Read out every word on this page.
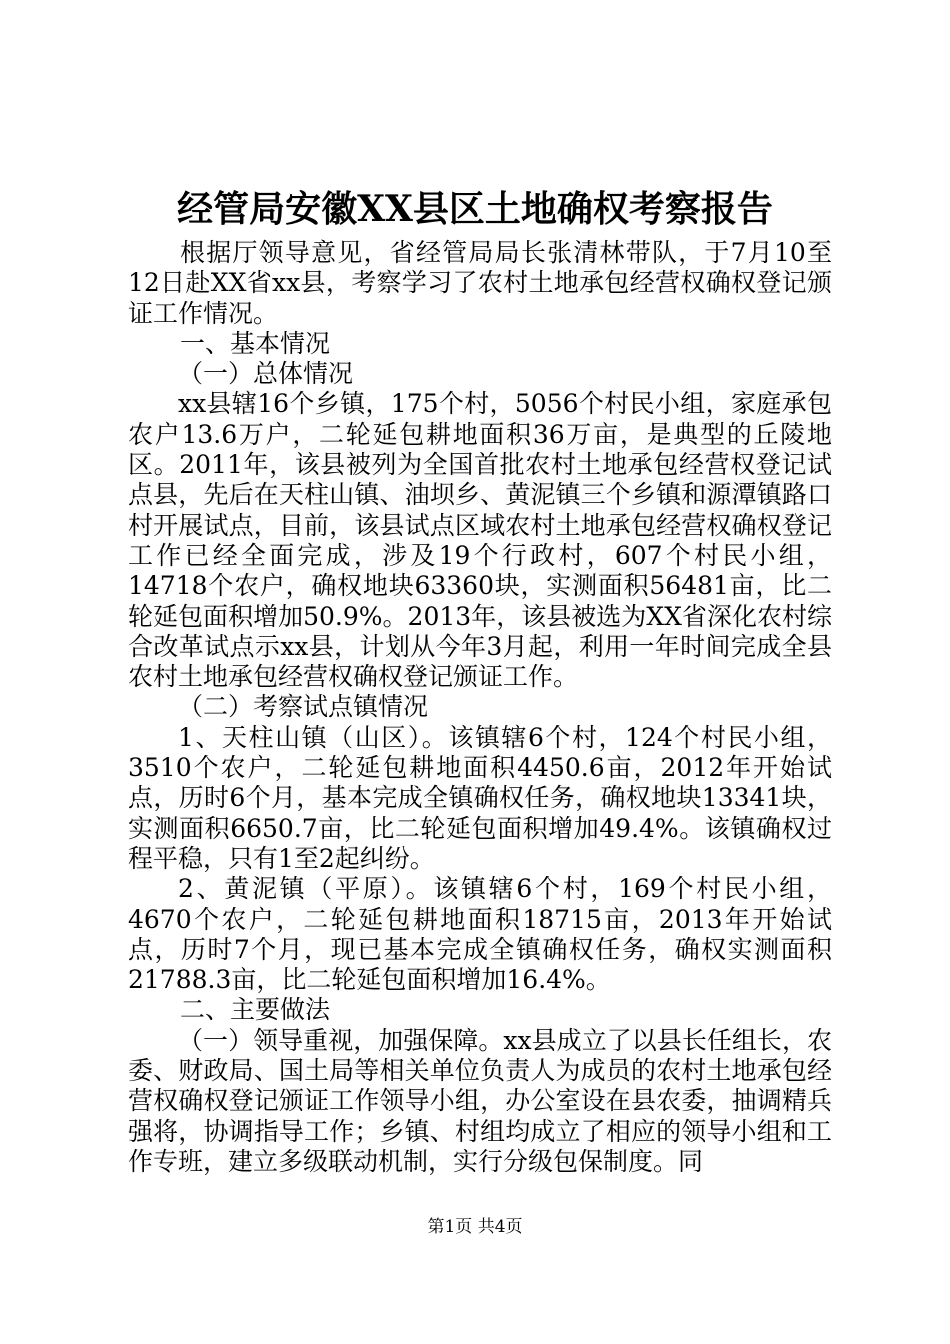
经管局安徽XX县区土地确权考察报告

根据厅领导意见，省经管局局长张清林带队，于7月10至12日赴XX省xx县，考察学习了农村土地承包经营权确权登记颁证工作情况。

一、基本情况

（一）总体情况

xx县辖16个乡镇，175个村，5056个村民小组，家庭承包农户13.6万户，二轮延包耕地面积36万亩，是典型的丘陵地区。2011年，该县被列为全国首批农村土地承包经营权登记试点县，先后在天柱山镇、油坝乡、黄泥镇三个乡镇和源潭镇路口村开展试点，目前，该县试点区域农村土地承包经营权确权登记工作已经全面完成，涉及19个行政村，607个村民小组，14718个农户，确权地块63360块，实测面积56481亩，比二轮延包面积增加50.9%。2013年，该县被选为XX省深化农村综合改革试点示xx县，计划从今年3月起，利用一年时间完成全县农村土地承包经营权确权登记颁证工作。

（二）考察试点镇情况

1、天柱山镇（山区）。该镇辖6个村，124个村民小组，3510个农户，二轮延包耕地面积4450.6亩，2012年开始试点，历时6个月，基本完成全镇确权任务，确权地块13341块，实测面积6650.7亩，比二轮延包面积增加49.4%。该镇确权过程平稳，只有1至2起纠纷。

2、黄泥镇（平原）。该镇辖6个村，169个村民小组，4670个农户，二轮延包耕地面积18715亩，2013年开始试点，历时7个月，现已基本完成全镇确权任务，确权实测面积21788.3亩，比二轮延包面积增加16.4%。

二、主要做法

（一）领导重视，加强保障。xx县成立了以县长任组长，农委、财政局、国土局等相关单位负责人为成员的农村土地承包经营权确权登记颁证工作领导小组，办公室设在县农委，抽调精兵强将，协调指导工作；乡镇、村组均成立了相应的领导小组和工作专班，建立多级联动机制，实行分级包保制度。同

第1页 共4页
